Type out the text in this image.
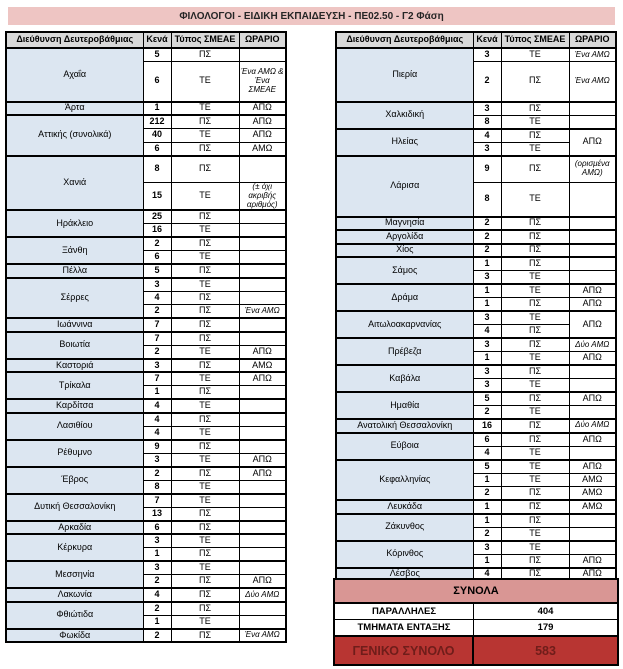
ΦΙΛΟΛΟΓΟΙ - ΕΙΔΙΚΗ ΕΚΠΑΙΔΕΥΣΗ - ΠΕ02.50 - Γ2 Φάση
Διεύθυνση Δευτεροβάθμιας	Κενά	Τύπος ΣΜΕΑΕ	ΩΡΑΡΙΟ
Αχαΐα	5	ΠΣ	
	6	ΤΕ	Ένα ΑΜΩ & Ένα ΣΜΕΑΕ
Άρτα	1	ΤΕ	ΑΠΩ
Αττικής (συνολικά)	212	ΠΣ	ΑΠΩ
	40	ΤΕ	ΑΠΩ
	6	ΠΣ	ΑΜΩ
Χανιά	8	ΠΣ	
	15	ΤΕ	(± όχι ακριβής αριθμός)
Ηράκλειο	25	ΠΣ	
	16	ΤΕ	
Ξάνθη	2	ΠΣ	
	6	ΤΕ	
Πέλλα	5	ΠΣ	
Σέρρες	3	ΤΕ	
	4	ΠΣ	
	2	ΠΣ	Ένα ΑΜΩ
Ιωάννινα	7	ΠΣ	
Βοιωτία	7	ΠΣ	
	2	ΤΕ	ΑΠΩ
Καστοριά	3	ΠΣ	ΑΜΩ
Τρίκαλα	7	ΤΕ	ΑΠΩ
	1	ΠΣ	
Καρδίτσα	4	ΤΕ	
Λασιθίου	4	ΠΣ	
	4	ΤΕ	
Ρέθυμνο	9	ΠΣ	
	3	ΤΕ	ΑΠΩ
Έβρος	2	ΠΣ	ΑΠΩ
	8	ΤΕ	
Δυτική Θεσσαλονίκη	7	ΤΕ	
	13	ΠΣ	
Αρκαδία	6	ΠΣ	
Κέρκυρα	3	ΤΕ	
	1	ΠΣ	
Μεσσηνία	3	ΤΕ	
	2	ΠΣ	ΑΠΩ
Λακωνία	4	ΠΣ	Δύο ΑΜΩ
Φθιώτιδα	2	ΠΣ	
	1	ΤΕ	
Φωκίδα	2	ΠΣ	Ένα ΑΜΩ
Διεύθυνση Δευτεροβάθμιας	Κενά	Τύπος ΣΜΕΑΕ	ΩΡΑΡΙΟ
Πιερία	3	ΤΕ	Ένα ΑΜΩ
	2	ΠΣ	Ένα ΑΜΩ
Χαλκιδική	3	ΠΣ	
	8	ΤΕ	
Ηλείας	4	ΠΣ	ΑΠΩ
	3	ΤΕ	
Λάρισα	9	ΠΣ	(ορισμένα ΑΜΩ)
	8	ΤΕ	
Μαγνησία	2	ΠΣ	
Αργολίδα	2	ΠΣ	
Χίος	2	ΠΣ	
Σάμος	1	ΠΣ	
	3	ΤΕ	
Δράμα	1	ΤΕ	ΑΠΩ
	1	ΠΣ	ΑΠΩ
Αιτωλοακαρνανίας	3	ΤΕ	ΑΠΩ
	4	ΠΣ	
Πρέβεζα	3	ΠΣ	Δύο ΑΜΩ
	1	ΤΕ	ΑΠΩ
Καβάλα	3	ΠΣ	
	3	ΤΕ	
Ημαθία	5	ΠΣ	ΑΠΩ
	2	ΤΕ	
Ανατολική Θεσσαλονίκη	16	ΠΣ	Δύο ΑΜΩ
Εύβοια	6	ΠΣ	ΑΠΩ
	4	ΤΕ	
Κεφαλληνίας	5	ΤΕ	ΑΠΩ
	1	ΤΕ	ΑΜΩ
	2	ΠΣ	ΑΜΩ
Λευκάδα	1	ΠΣ	ΑΜΩ
Ζάκυνθος	1	ΠΣ	
	2	ΤΕ	
Κόρινθος	3	ΤΕ	
	1	ΠΣ	ΑΠΩ
Λέσβος	4	ΠΣ	ΑΠΩ
ΣΥΝΟΛΑ
ΠΑΡΑΛΛΗΛΕΣ	404
ΤΜΗΜΑΤΑ ΕΝΤΑΞΗΣ	179
ΓΕΝΙΚΟ ΣΥΝΟΛΟ	583
